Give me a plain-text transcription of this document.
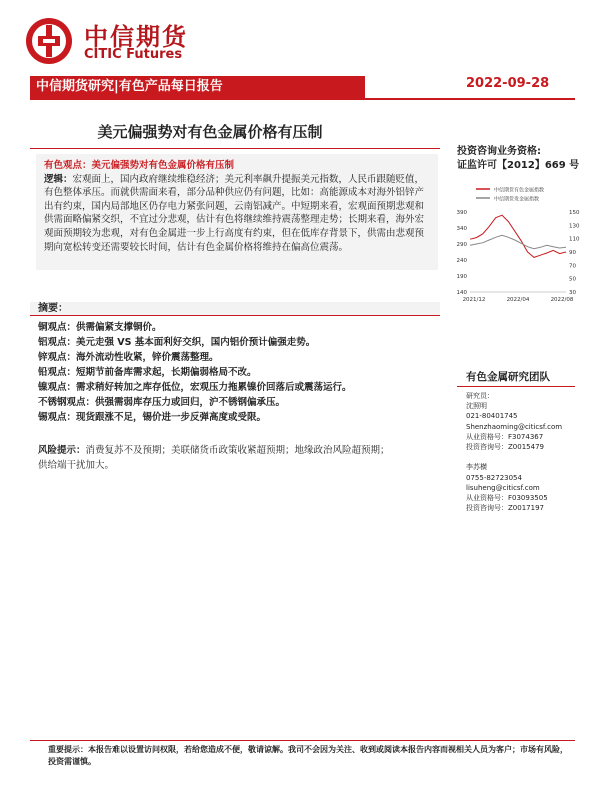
中信期货
CITIC Futures
中信期货研究|有色产品每日报告	2022-09-28
美元偏强势对有色金属价格有压制
有色观点：美元偏强势对有色金属价格有压制
逻辑：宏观面上，国内政府继续维稳经济；美元利率飙升提振美元指数，人民币跟随贬值，有色整体承压。而就供需面来看，部分品种供应仍有问题，比如：高能源成本对海外铝锌产出有约束，国内局部地区仍存电力紧张问题，云南铝减产。中短期来看，宏观面预期悲观和供需面略偏紧交织，不宜过分悲观，估计有色将继续维持震荡整理走势；长期来看，海外宏观面预期较为悲观，对有色金属进一步上行高度有约束，但在低库存背景下，供需由悲观预期向宽松转变还需要较长时间，估计有色金属价格将维持在偏高位震荡。
投资咨询业务资格:
证监许可【2012】669 号
中信期货有色金属指数
中信期货贵金属指数
140
190
240
290
340
390
30
50
70
90
110
130
150
2021/12	2022/04	2022/08
摘要：
铜观点：供需偏紧支撑铜价。
铝观点：美元走强 VS 基本面利好交织，国内铝价预计偏强走势。
锌观点：海外流动性收紧，锌价震荡整理。
铅观点：短期节前备库需求起，长期偏弱格局不改。
镍观点：需求稍好转加之库存低位，宏观压力拖累镍价回落后或震荡运行。
不锈钢观点：供强需弱库存压力或回归，沪不锈钢偏承压。
锡观点：现货跟涨不足，锡价进一步反弹高度或受限。
风险提示：消费复苏不及预期；美联储货币政策收紧超预期；地缘政治风险超预期；供给端干扰加大。
有色金属研究团队
研究员：
沈照明
021-80401745
Shenzhaoming@citicsf.com
从业资格号：F3074367
投资咨询号：Z0015479

李苏横
0755-82723054
lisuheng@citicsf.com
从业资格号：F03093505
投资咨询号：Z0017197
重要提示：本报告难以设置访问权限，若给您造成不便，敬请谅解。我司不会因为关注、收到或阅读本报告内容而视相关人员为客户；市场有风险，投资需谨慎。
